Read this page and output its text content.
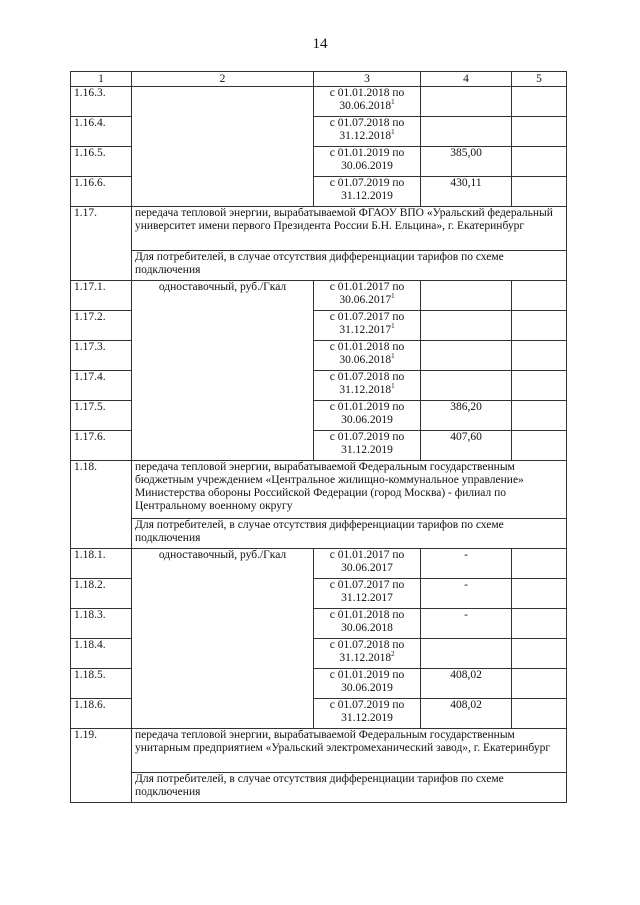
14
1	2	3	4	5
1.16.3.		с 01.01.2018 по
30.06.2018$^1$		
1.16.4.		с 01.07.2018 по
31.12.2018$^1$		
1.16.5.		с 01.01.2019 по
30.06.2019	385,00	
1.16.6.		с 01.07.2019 по
31.12.2019	430,11	
1.17.	передача тепловой энергии, вырабатываемой ФГАОУ ВПО «Уральский федеральный университет имени первого Президента России Б.Н. Ельцина», г. Екатеринбург			
	Для потребителей, в случае отсутствия дифференциации тарифов по схеме подключения			
1.17.1.	одноставочный, руб./Гкал	с 01.01.2017 по
30.06.2017$^1$		
1.17.2.		с 01.07.2017 по
31.12.2017$^1$		
1.17.3.		с 01.01.2018 по
30.06.2018$^1$		
1.17.4.		с 01.07.2018 по
31.12.2018$^1$		
1.17.5.		с 01.01.2019 по
30.06.2019	386,20	
1.17.6.		с 01.07.2019 по
31.12.2019	407,60	
1.18.	передача тепловой энергии, вырабатываемой Федеральным государственным бюджетным учреждением «Центральное жилищно-коммунальное управление» Министерства обороны Российской Федерации (город Москва) - филиал по Центральному военному округу			
	Для потребителей, в случае отсутствия дифференциации тарифов по схеме подключения			
1.18.1.	одноставочный, руб./Гкал	с 01.01.2017 по
30.06.2017	-	
1.18.2.		с 01.07.2017 по
31.12.2017	-	
1.18.3.		с 01.01.2018 по
30.06.2018	-	
1.18.4.		с 01.07.2018 по
31.12.2018$^2$		
1.18.5.		с 01.01.2019 по
30.06.2019	408,02	
1.18.6.		с 01.07.2019 по
31.12.2019	408,02	
1.19.	передача тепловой энергии, вырабатываемой Федеральным государственным унитарным предприятием «Уральский электромеханический завод», г. Екатеринбург			
	Для потребителей, в случае отсутствия дифференциации тарифов по схеме подключения			
